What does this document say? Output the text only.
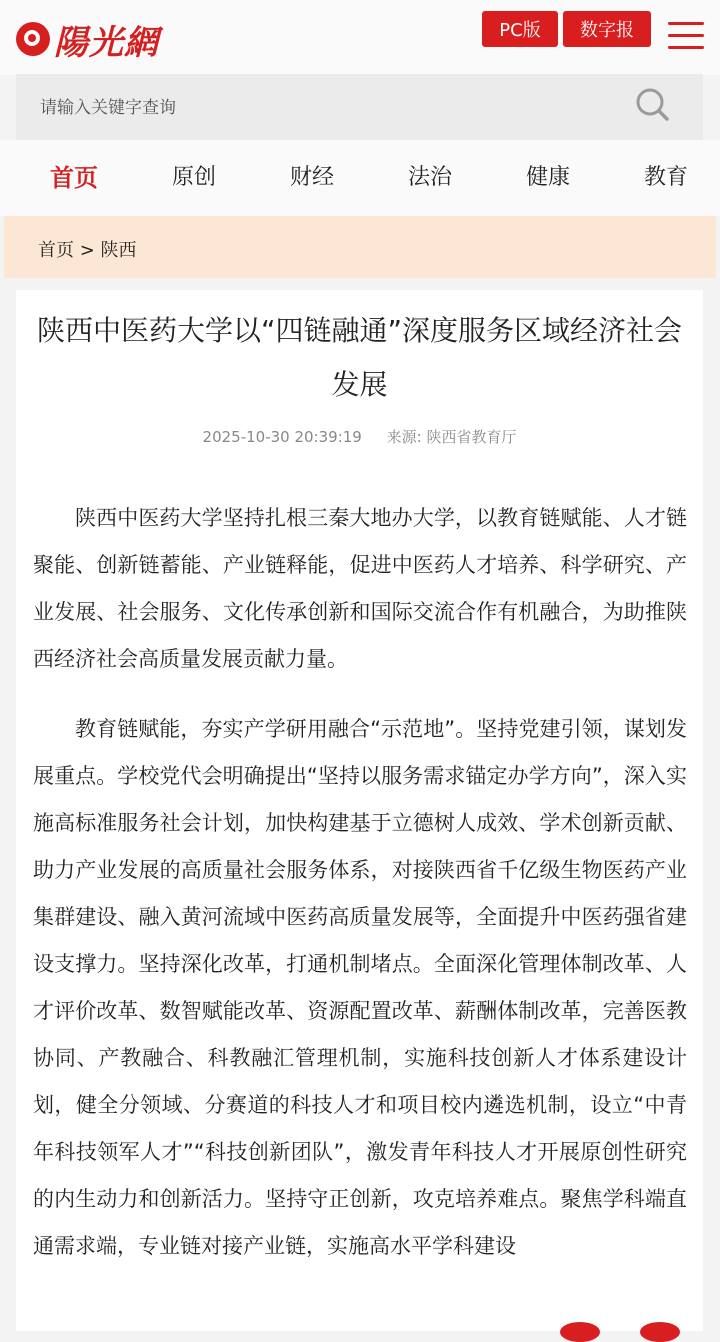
陽光網	PC版	数字报
请输入关键字查询
首页	原创	财经	法治	健康	教育
首页 > 陕西
陕西中医药大学以“四链融通”深度服务区域经济社会发展
2025-10-30 20:39:19 来源: 陕西省教育厅

陕西中医药大学坚持扎根三秦大地办大学，以教育链赋能、人才链聚能、创新链蓄能、产业链释能，促进中医药人才培养、科学研究、产业发展、社会服务、文化传承创新和国际交流合作有机融合，为助推陕西经济社会高质量发展贡献力量。

教育链赋能，夯实产学研用融合“示范地”。坚持党建引领，谋划发展重点。学校党代会明确提出“坚持以服务需求锚定办学方向”，深入实施高标准服务社会计划，加快构建基于立德树人成效、学术创新贡献、助力产业发展的高质量社会服务体系，对接陕西省千亿级生物医药产业集群建设、融入黄河流域中医药高质量发展等，全面提升中医药强省建设支撑力。坚持深化改革，打通机制堵点。全面深化管理体制改革、人才评价改革、数智赋能改革、资源配置改革、薪酬体制改革，完善医教协同、产教融合、科教融汇管理机制，实施科技创新人才体系建设计划，健全分领域、分赛道的科技人才和项目校内遴选机制，设立“中青年科技领军人才”“科技创新团队”，激发青年科技人才开展原创性研究的内生动力和创新活力。坚持守正创新，攻克培养难点。聚焦学科端直通需求端，专业链对接产业链，实施高水平学科建设
